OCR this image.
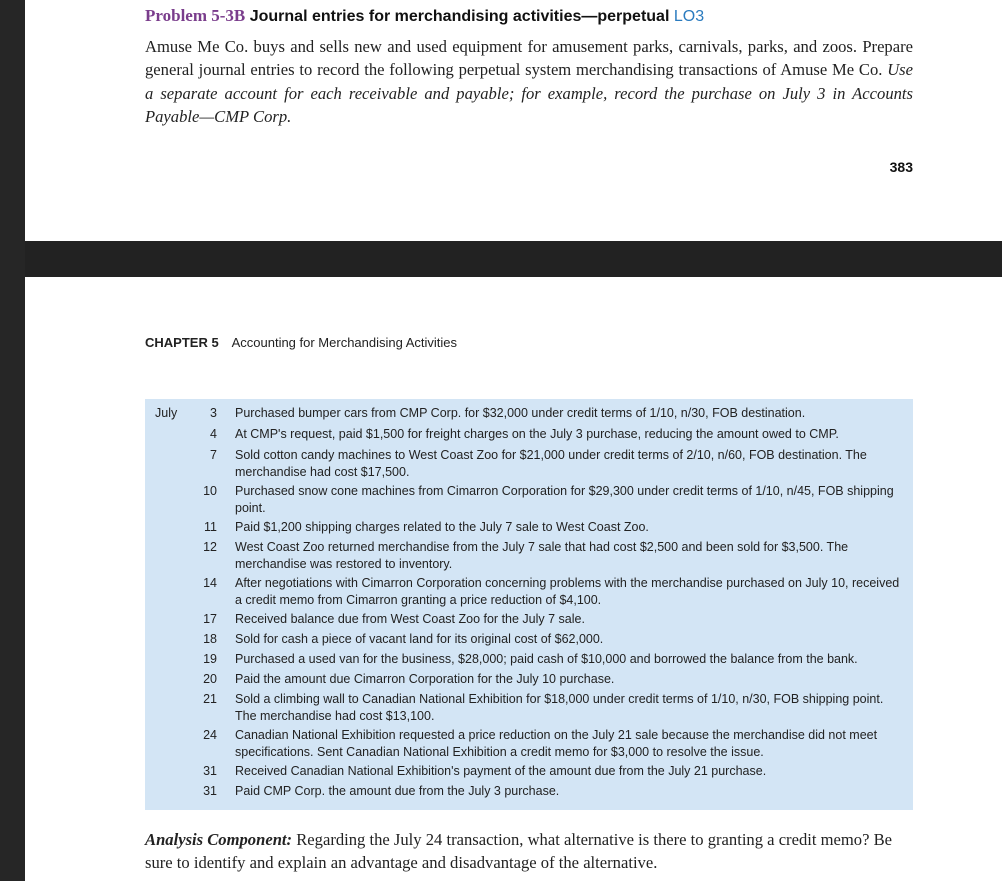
Problem 5-3B Journal entries for merchandising activities—perpetual LO3

Amuse Me Co. buys and sells new and used equipment for amusement parks, carnivals, parks, and zoos. Prepare general journal entries to record the following perpetual system merchandising transactions of Amuse Me Co. Use a separate account for each receivable and payable; for example, record the purchase on July 3 in Accounts Payable—CMP Corp.

383
CHAPTER 5 Accounting for Merchandising Activities
July	3	Purchased bumper cars from CMP Corp. for $32,000 under credit terms of 1/10, n/30, FOB destination.
4	At CMP's request, paid $1,500 for freight charges on the July 3 purchase, reducing the amount owed to CMP.
7	Sold cotton candy machines to West Coast Zoo for $21,000 under credit terms of 2/10, n/60, FOB destination. The merchandise had cost $17,500.
10	Purchased snow cone machines from Cimarron Corporation for $29,300 under credit terms of 1/10, n/45, FOB shipping point.
11	Paid $1,200 shipping charges related to the July 7 sale to West Coast Zoo.
12	West Coast Zoo returned merchandise from the July 7 sale that had cost $2,500 and been sold for $3,500. The merchandise was restored to inventory.
14	After negotiations with Cimarron Corporation concerning problems with the merchandise purchased on July 10, received a credit memo from Cimarron granting a price reduction of $4,100.
17	Received balance due from West Coast Zoo for the July 7 sale.
18	Sold for cash a piece of vacant land for its original cost of $62,000.
19	Purchased a used van for the business, $28,000; paid cash of $10,000 and borrowed the balance from the bank.
20	Paid the amount due Cimarron Corporation for the July 10 purchase.
21	Sold a climbing wall to Canadian National Exhibition for $18,000 under credit terms of 1/10, n/30, FOB shipping point. The merchandise had cost $13,100.
24	Canadian National Exhibition requested a price reduction on the July 21 sale because the merchandise did not meet specifications. Sent Canadian National Exhibition a credit memo for $3,000 to resolve the issue.
31	Received Canadian National Exhibition's payment of the amount due from the July 21 purchase.
31	Paid CMP Corp. the amount due from the July 3 purchase.

Analysis Component: Regarding the July 24 transaction, what alternative is there to granting a credit memo? Be sure to identify and explain an advantage and disadvantage of the alternative.
